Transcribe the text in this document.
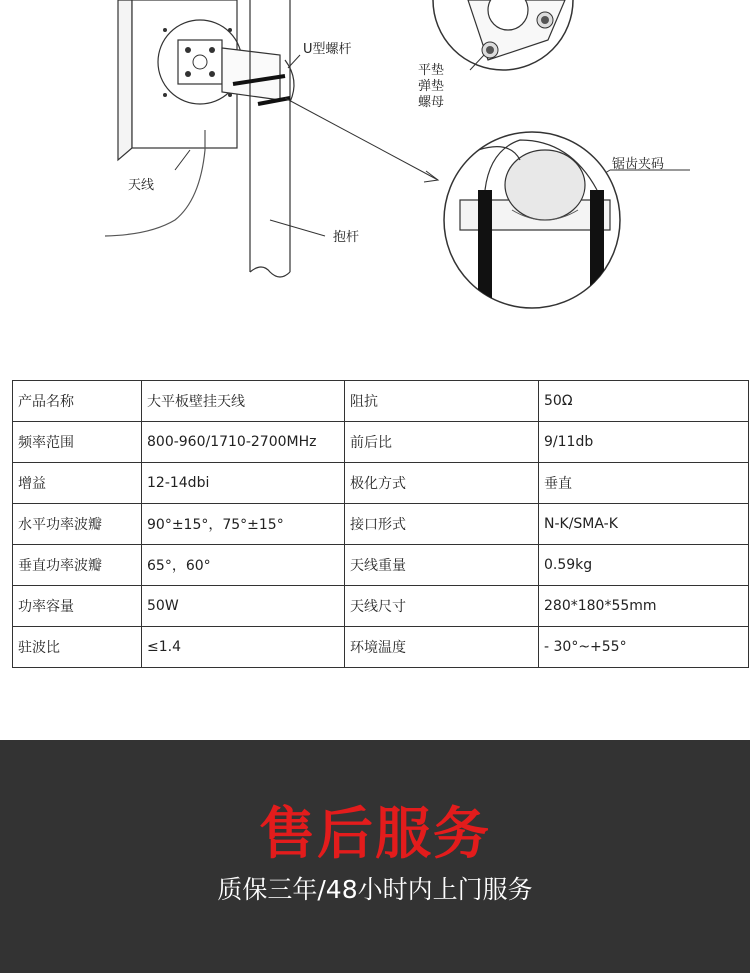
U型螺杆
平垫
弹垫
螺母
天线
抱杆
锯齿夹码
产品名称	大平板壁挂天线	阻抗	50Ω
频率范围	800-960/1710-2700MHz	前后比	9/11db
增益	12-14dbi	极化方式	垂直
水平功率波瓣	90°±15°，75°±15°	接口形式	N-K/SMA-K
垂直功率波瓣	65°，60°	天线重量	0.59kg
功率容量	50W	天线尺寸	280*180*55mm
驻波比	≤1.4	环境温度	- 30°~+55°
售后服务
质保三年/48小时内上门服务
